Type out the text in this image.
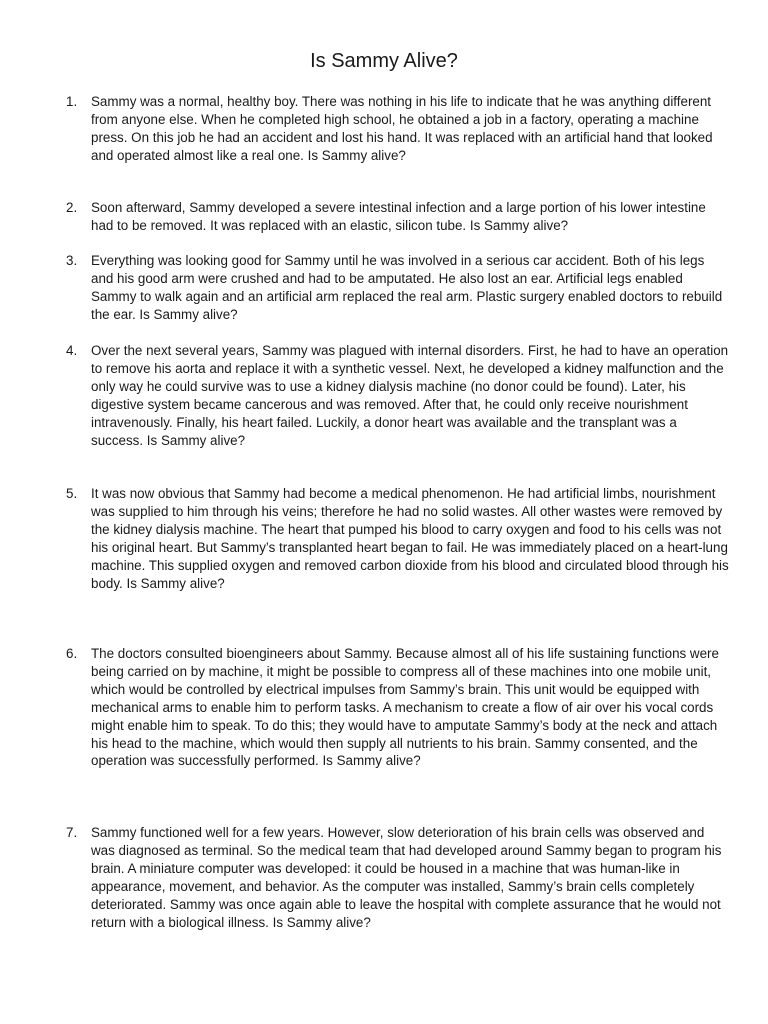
Is Sammy Alive?
1.	Sammy was a normal, healthy boy. There was nothing in his life to indicate that he was anything different from anyone else. When he completed high school, he obtained a job in a factory, operating a machine press. On this job he had an accident and lost his hand. It was replaced with an artificial hand that looked and operated almost like a real one. Is Sammy alive?
2.	Soon afterward, Sammy developed a severe intestinal infection and a large portion of his lower intestine had to be removed. It was replaced with an elastic, silicon tube. Is Sammy alive?
3.	Everything was looking good for Sammy until he was involved in a serious car accident. Both of his legs and his good arm were crushed and had to be amputated. He also lost an ear. Artificial legs enabled Sammy to walk again and an artificial arm replaced the real arm. Plastic surgery enabled doctors to rebuild the ear. Is Sammy alive?
4.	Over the next several years, Sammy was plagued with internal disorders. First, he had to have an operation to remove his aorta and replace it with a synthetic vessel. Next, he developed a kidney malfunction and the only way he could survive was to use a kidney dialysis machine (no donor could be found). Later, his digestive system became cancerous and was removed. After that, he could only receive nourishment intravenously. Finally, his heart failed. Luckily, a donor heart was available and the transplant was a success. Is Sammy alive?
5.	It was now obvious that Sammy had become a medical phenomenon. He had artificial limbs, nourishment was supplied to him through his veins; therefore he had no solid wastes. All other wastes were removed by the kidney dialysis machine. The heart that pumped his blood to carry oxygen and food to his cells was not his original heart. But Sammy’s transplanted heart began to fail. He was immediately placed on a heart-lung machine. This supplied oxygen and removed carbon dioxide from his blood and circulated blood through his body. Is Sammy alive?
6.	The doctors consulted bioengineers about Sammy. Because almost all of his life sustaining functions were being carried on by machine, it might be possible to compress all of these machines into one mobile unit, which would be controlled by electrical impulses from Sammy’s brain. This unit would be equipped with mechanical arms to enable him to perform tasks. A mechanism to create a flow of air over his vocal cords might enable him to speak. To do this; they would have to amputate Sammy’s body at the neck and attach his head to the machine, which would then supply all nutrients to his brain. Sammy consented, and the operation was successfully performed. Is Sammy alive?
7.	Sammy functioned well for a few years. However, slow deterioration of his brain cells was observed and was diagnosed as terminal. So the medical team that had developed around Sammy began to program his brain. A miniature computer was developed: it could be housed in a machine that was human-like in appearance, movement, and behavior. As the computer was installed, Sammy’s brain cells completely deteriorated. Sammy was once again able to leave the hospital with complete assurance that he would not return with a biological illness. Is Sammy alive?
